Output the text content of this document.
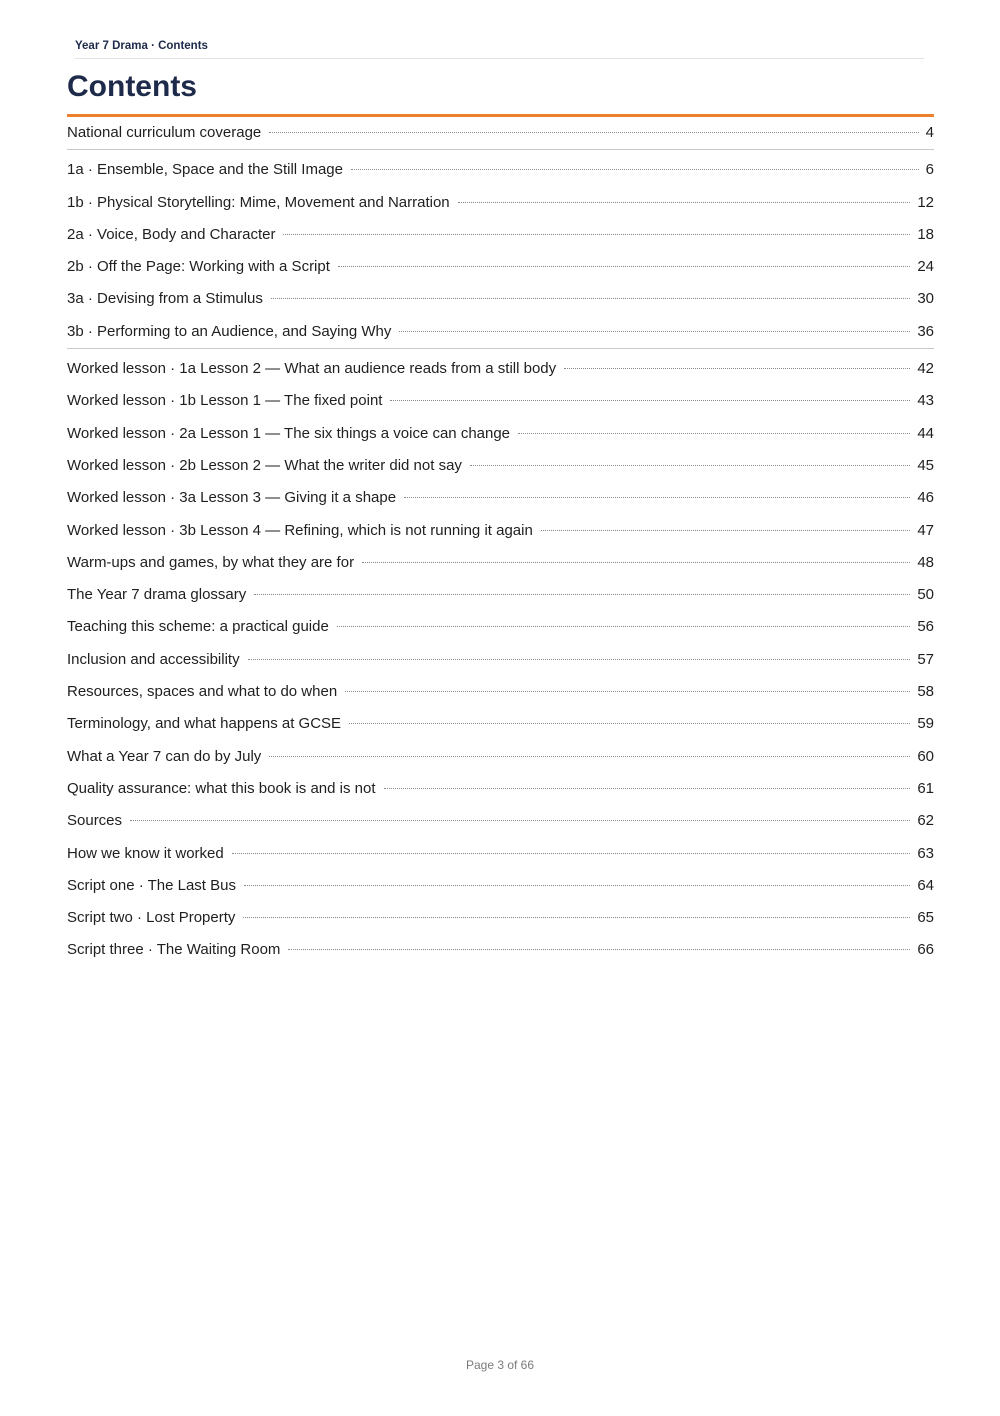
Year 7 Drama · Contents
Contents
National curriculum coverage	4
1a · Ensemble, Space and the Still Image	6
1b · Physical Storytelling: Mime, Movement and Narration	12
2a · Voice, Body and Character	18
2b · Off the Page: Working with a Script	24
3a · Devising from a Stimulus	30
3b · Performing to an Audience, and Saying Why	36
Worked lesson · 1a Lesson 2 — What an audience reads from a still body	42
Worked lesson · 1b Lesson 1 — The fixed point	43
Worked lesson · 2a Lesson 1 — The six things a voice can change	44
Worked lesson · 2b Lesson 2 — What the writer did not say	45
Worked lesson · 3a Lesson 3 — Giving it a shape	46
Worked lesson · 3b Lesson 4 — Refining, which is not running it again	47
Warm-ups and games, by what they are for	48
The Year 7 drama glossary	50
Teaching this scheme: a practical guide	56
Inclusion and accessibility	57
Resources, spaces and what to do when	58
Terminology, and what happens at GCSE	59
What a Year 7 can do by July	60
Quality assurance: what this book is and is not	61
Sources	62
How we know it worked	63
Script one · The Last Bus	64
Script two · Lost Property	65
Script three · The Waiting Room	66
Page 3 of 66
